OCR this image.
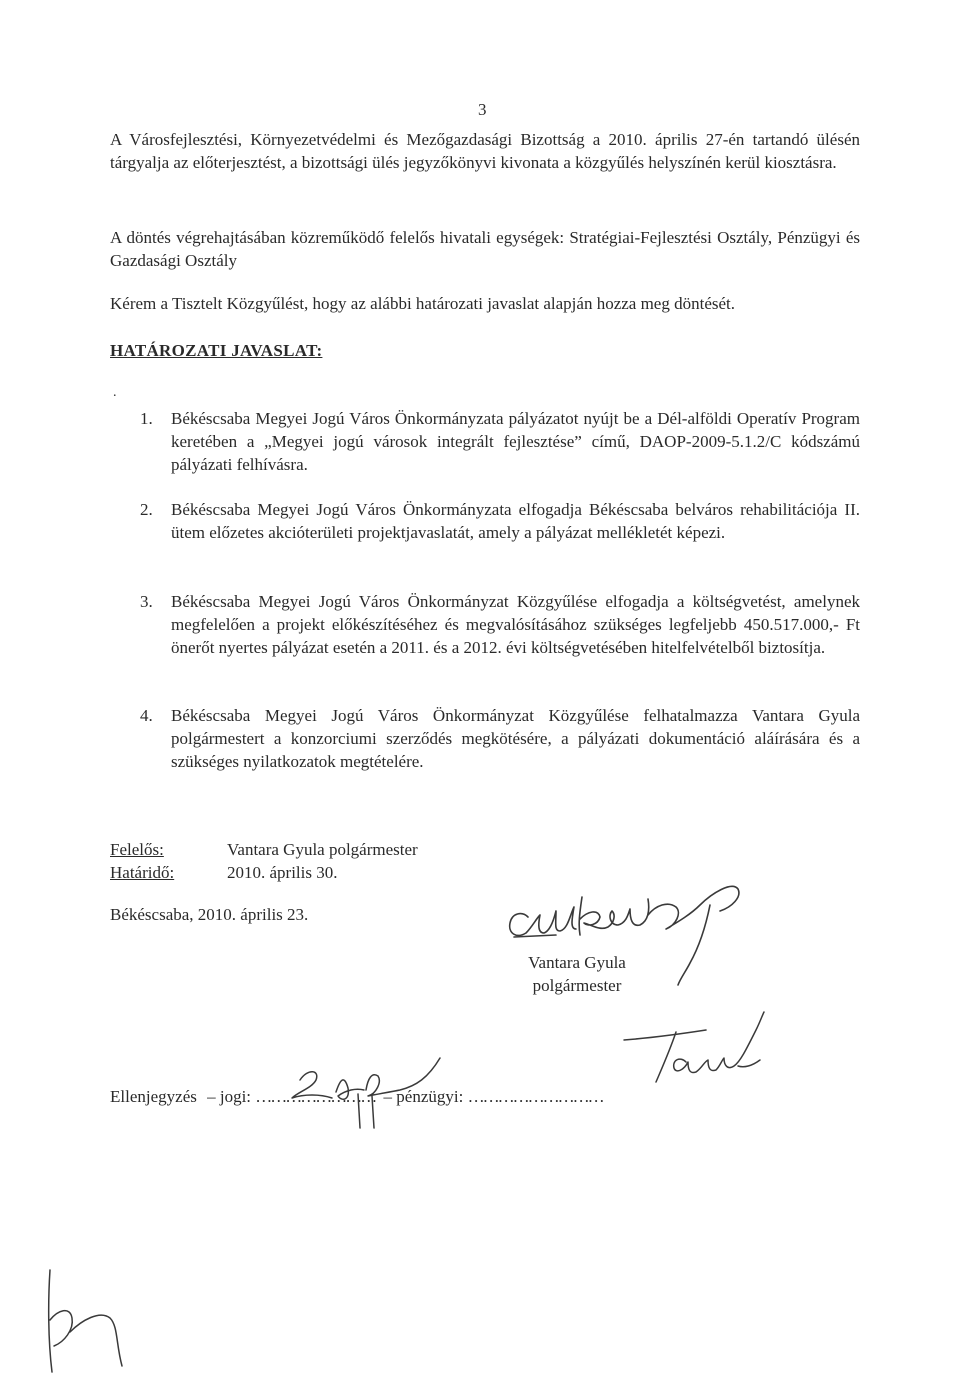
3
A Városfejlesztési, Környezetvédelmi és Mezőgazdasági Bizottság a 2010. április 27-én tartandó ülésén tárgyalja az előterjesztést, a bizottsági ülés jegyzőkönyvi kivonata a közgyűlés helyszínén kerül kiosztásra.
A döntés végrehajtásában közreműködő felelős hivatali egységek: Stratégiai-Fejlesztési Osztály, Pénzügyi és Gazdasági Osztály
Kérem a Tisztelt Közgyűlést, hogy az alábbi határozati javaslat alapján hozza meg döntését.
HATÁROZATI JAVASLAT:
.
1.	Békéscsaba Megyei Jogú Város Önkormányzata pályázatot nyújt be a Dél-alföldi Operatív Program keretében a „Megyei jogú városok integrált fejlesztése” című, DAOP-2009-5.1.2/C kódszámú pályázati felhívásra.
2.	Békéscsaba Megyei Jogú Város Önkormányzata elfogadja Békéscsaba belváros rehabilitációja II. ütem előzetes akcióterületi projektjavaslatát, amely a pályázat mellékletét képezi.
3.	Békéscsaba Megyei Jogú Város Önkormányzat Közgyűlése elfogadja a költségvetést, amelynek megfelelően a projekt előkészítéséhez és megvalósításához szükséges legfeljebb 450.517.000,- Ft önerőt nyertes pályázat esetén a 2011. és a 2012. évi költségvetésében hitelfelvételből biztosítja.
4.	Békéscsaba Megyei Jogú Város Önkormányzat Közgyűlése felhatalmazza Vantara Gyula polgármestert a konzorciumi szerződés megkötésére, a pályázati dokumentáció aláírására és a szükséges nyilatkozatok megtételére.
Felelős:	Vantara Gyula polgármester
Határidő:	2010. április 30.
Békéscsaba, 2010. április 23.
Vantara Gyula
polgármester
Ellenjegyzés – jogi: …………………… – pénzügyi: ………………………
